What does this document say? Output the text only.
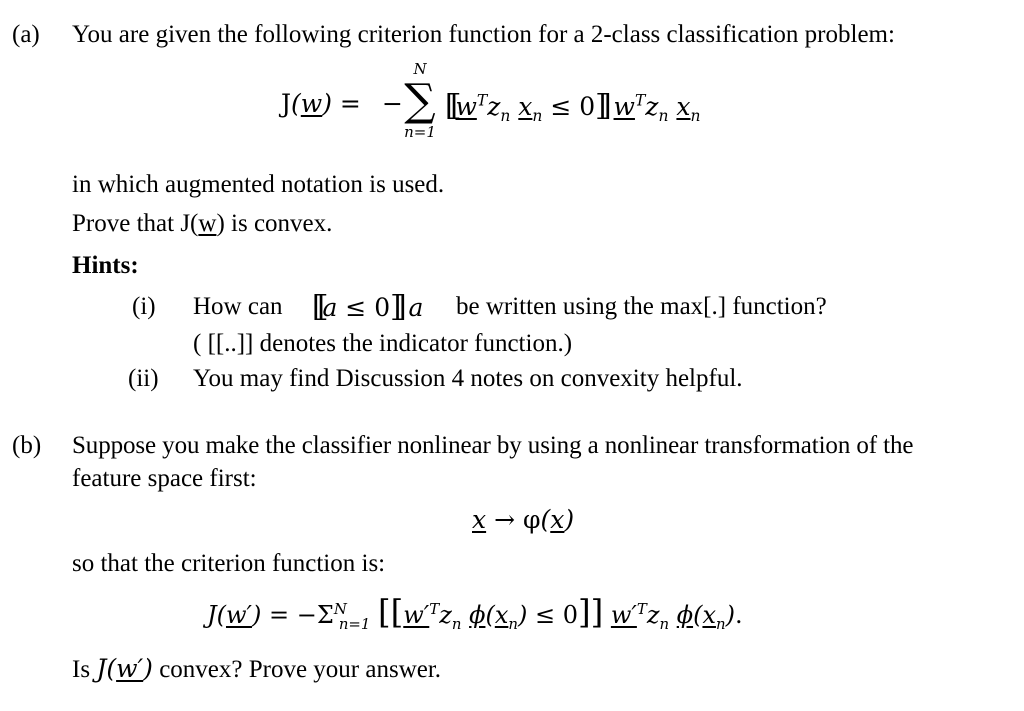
(a) You are given the following criterion function for a 2-class classification problem:
J(w) = −
N
∑
n=1
[[$w^Tz_n$ $x_n \le 0$]] $w^Tz_n$ $x_n$
in which augmented notation is used.
Prove that J(w) is convex.
Hints:
(i) How can [[a ≤ 0]] a be written using the max[.] function?
( [[..]] denotes the indicator function.)
(ii) You may find Discussion 4 notes on convexity helpful.
(b) Suppose you make the classifier nonlinear by using a nonlinear transformation of the
feature space first:
x → φ(x)
so that the criterion function is:
$J(w') = -\Sigma^N_{n=1}$ [[$w'^Tz_n$ $\phi(x_n) \le 0$]] $w'^Tz_n$ $\phi(x_n)$.
Is J(w′) convex? Prove your answer.
